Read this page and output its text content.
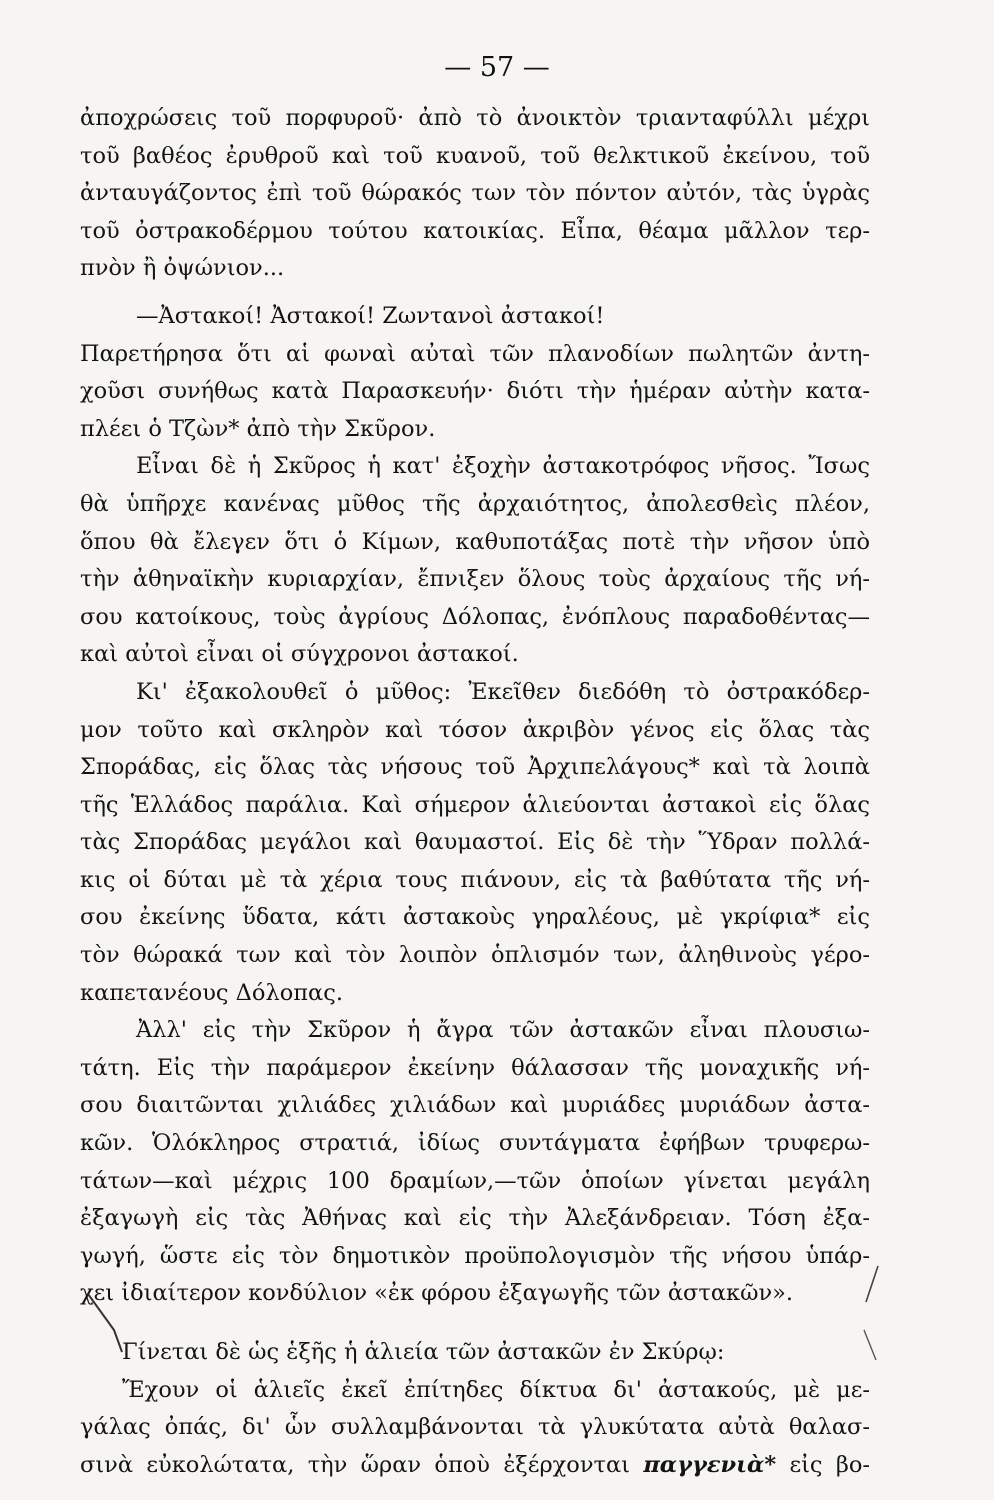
— 57 —
ἀποχρώσεις τοῦ πορφυροῦ· ἀπὸ τὸ ἀνοικτὸν τριανταφύλλι μέχρι
τοῦ βαθέος ἐρυθροῦ καὶ τοῦ κυανοῦ, τοῦ θελκτικοῦ ἐκείνου, τοῦ
ἀνταυγάζοντος ἐπὶ τοῦ θώρακός των τὸν πόντον αὐτόν, τὰς ὑγρὰς
τοῦ ὀστρακοδέρμου τούτου κατοικίας. Εἶπα, θέαμα μᾶλλον τερ-
πνὸν ἢ ὀψώνιον...
—Ἀστακοί! Ἀστακοί! Ζωντανοὶ ἀστακοί!
Παρετήρησα ὅτι αἱ φωναὶ αὐταὶ τῶν πλανοδίων πωλητῶν ἀντη-
χοῦσι συνήθως κατὰ Παρασκευήν· διότι τὴν ἡμέραν αὐτὴν κατα-
πλέει ὁ Τζὼν* ἀπὸ τὴν Σκῦρον.
Εἶναι δὲ ἡ Σκῦρος ἡ κατ' ἐξοχὴν ἀστακοτρόφος νῆσος. Ἴσως
θὰ ὑπῆρχε κανένας μῦθος τῆς ἀρχαιότητος, ἀπολεσθεὶς πλέον,
ὅπου θὰ ἔλεγεν ὅτι ὁ Κίμων, καθυποτάξας ποτὲ τὴν νῆσον ὑπὸ
τὴν ἀθηναϊκὴν κυριαρχίαν, ἔπνιξεν ὅλους τοὺς ἀρχαίους τῆς νή-
σου κατοίκους, τοὺς ἀγρίους Δόλοπας, ἐνόπλους παραδοθέντας—
καὶ αὐτοὶ εἶναι οἱ σύγχρονοι ἀστακοί.
Κι' ἐξακολουθεῖ ὁ μῦθος: Ἐκεῖθεν διεδόθη τὸ ὀστρακόδερ-
μον τοῦτο καὶ σκληρὸν καὶ τόσον ἀκριβὸν γένος εἰς ὅλας τὰς
Σποράδας, εἰς ὅλας τὰς νήσους τοῦ Ἀρχιπελάγους* καὶ τὰ λοιπὰ
τῆς Ἑλλάδος παράλια. Καὶ σήμερον ἁλιεύονται ἀστακοὶ εἰς ὅλας
τὰς Σποράδας μεγάλοι καὶ θαυμαστοί. Εἰς δὲ τὴν Ὕδραν πολλά-
κις οἱ δύται μὲ τὰ χέρια τους πιάνουν, εἰς τὰ βαθύτατα τῆς νή-
σου ἐκείνης ὕδατα, κάτι ἀστακοὺς γηραλέους, μὲ γκρίφια* εἰς
τὸν θώρακά των καὶ τὸν λοιπὸν ὁπλισμόν των, ἀληθινοὺς γέρο-
καπετανέους Δόλοπας.
Ἀλλ' εἰς τὴν Σκῦρον ἡ ἄγρα τῶν ἀστακῶν εἶναι πλουσιω-
τάτη. Εἰς τὴν παράμερον ἐκείνην θάλασσαν τῆς μοναχικῆς νή-
σου διαιτῶνται χιλιάδες χιλιάδων καὶ μυριάδες μυριάδων ἀστα-
κῶν. Ὁλόκληρος στρατιά, ἰδίως συντάγματα ἐφήβων τρυφερω-
τάτων—καὶ μέχρις 100 δραμίων,—τῶν ὁποίων γίνεται μεγάλη
ἐξαγωγὴ εἰς τὰς Ἀθήνας καὶ εἰς τὴν Ἀλεξάνδρειαν. Τόση ἐξα-
γωγή, ὥστε εἰς τὸν δημοτικὸν προϋπολογισμὸν τῆς νήσου ὑπάρ-
χει ἰδιαίτερον κονδύλιον «ἐκ φόρου ἐξαγωγῆς τῶν ἀστακῶν».
Γίνεται δὲ ὡς ἑξῆς ἡ ἁλιεία τῶν ἀστακῶν ἐν Σκύρῳ:
Ἔχουν οἱ ἁλιεῖς ἐκεῖ ἐπίτηδες δίκτυα δι' ἀστακούς, μὲ με-
γάλας ὀπάς, δι' ὧν συλλαμβάνονται τὰ γλυκύτατα αὐτὰ θαλασ-
σινὰ εὐκολώτατα, τὴν ὥραν ὁποὺ ἐξέρχονται παγγενιὰ* εἰς βο-
